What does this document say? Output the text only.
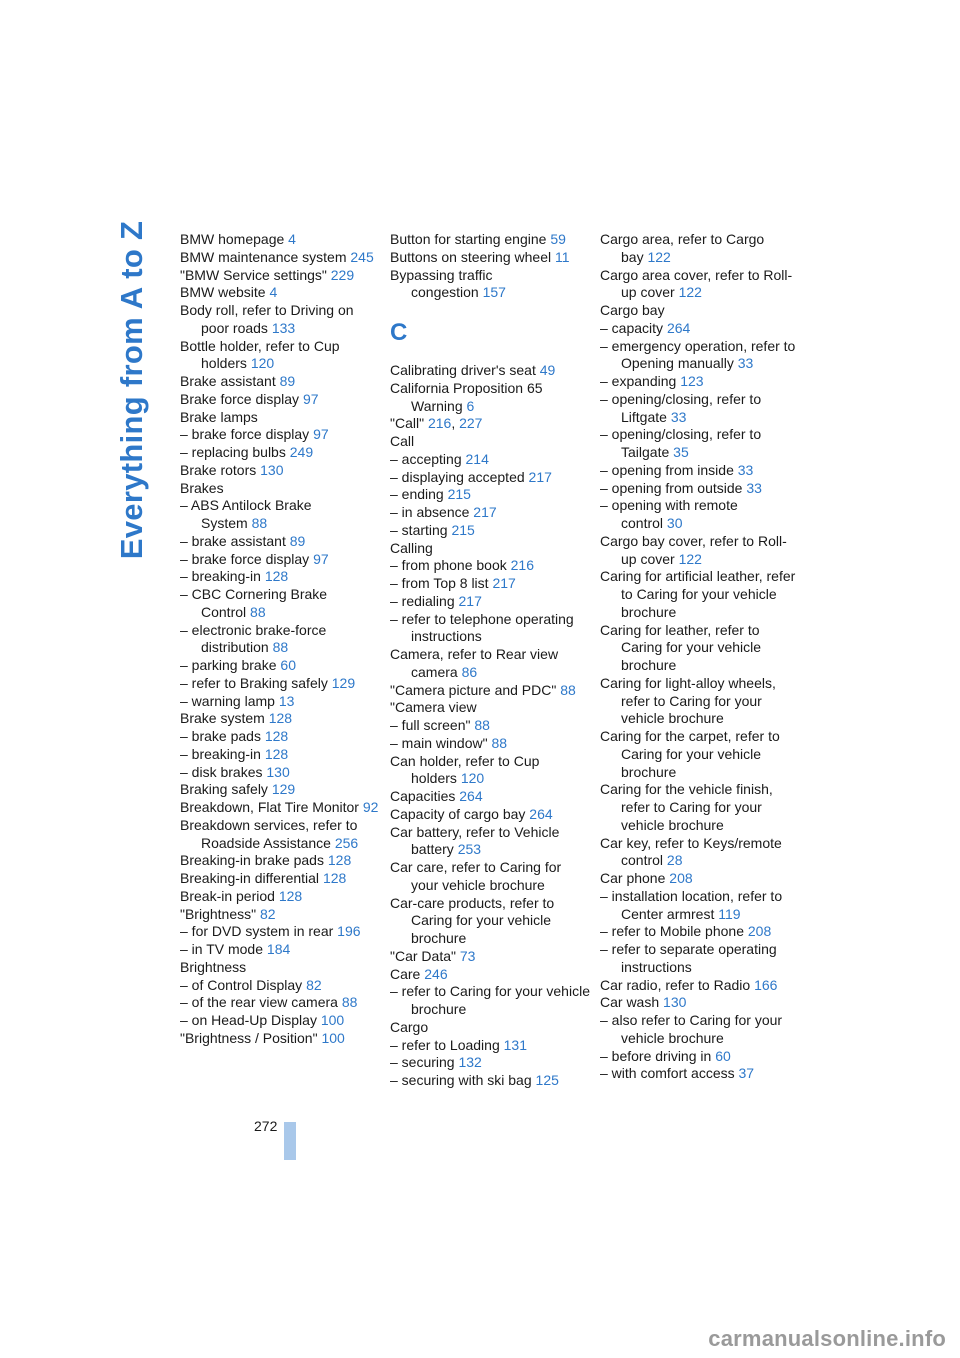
Everything from A to Z BMW homepage 4
BMW maintenance system 245
"BMW Service settings" 229
BMW website 4
Body roll, refer to Driving on poor roads 133
Bottle holder, refer to Cup holders 120
Brake assistant 89
Brake force display 97
Brake lamps
– brake force display 97
– replacing bulbs 249
Brake rotors 130
Brakes
– ABS Antilock Brake System 88
– brake assistant 89
– brake force display 97
– breaking-in 128
– CBC Cornering Brake Control 88
– electronic brake-force distribution 88
– parking brake 60
– refer to Braking safely 129
– warning lamp 13
Brake system 128
– brake pads 128
– breaking-in 128
– disk brakes 130
Braking safely 129
Breakdown, Flat Tire Monitor 92
Breakdown services, refer to Roadside Assistance 256
Breaking-in brake pads 128
Breaking-in differential 128
Break-in period 128
"Brightness" 82
– for DVD system in rear 196
– in TV mode 184
Brightness
– of Control Display 82
– of the rear view camera 88
– on Head-Up Display 100
"Brightness / Position" 100
Button for starting engine 59
Buttons on steering wheel 11
Bypassing traffic congestion 157
C
Calibrating driver's seat 49
California Proposition 65 Warning 6
"Call" 216, 227
Call
– accepting 214
– displaying accepted 217
– ending 215
– in absence 217
– starting 215
Calling
– from phone book 216
– from Top 8 list 217
– redialing 217
– refer to telephone operating instructions
Camera, refer to Rear view camera 86
"Camera picture and PDC" 88
"Camera view
– full screen" 88
– main window" 88
Can holder, refer to Cup holders 120
Capacities 264
Capacity of cargo bay 264
Car battery, refer to Vehicle battery 253
Car care, refer to Caring for your vehicle brochure
Car-care products, refer to Caring for your vehicle brochure
"Car Data" 73
Care 246
– refer to Caring for your vehicle brochure
Cargo
– refer to Loading 131
– securing 132
– securing with ski bag 125
Cargo area, refer to Cargo bay 122
Cargo area cover, refer to Roll-up cover 122
Cargo bay
– capacity 264
– emergency operation, refer to Opening manually 33
– expanding 123
– opening/closing, refer to Liftgate 33
– opening/closing, refer to Tailgate 35
– opening from inside 33
– opening from outside 33
– opening with remote control 30
Cargo bay cover, refer to Roll-up cover 122
Caring for artificial leather, refer to Caring for your vehicle brochure
Caring for leather, refer to Caring for your vehicle brochure
Caring for light-alloy wheels, refer to Caring for your vehicle brochure
Caring for the carpet, refer to Caring for your vehicle brochure
Caring for the vehicle finish, refer to Caring for your vehicle brochure
Car key, refer to Keys/remote control 28
Car phone 208
– installation location, refer to Center armrest 119
– refer to Mobile phone 208
– refer to separate operating instructions
Car radio, refer to Radio 166
Car wash 130
– also refer to Caring for your vehicle brochure
– before driving in 60
– with comfort access 37
272
carmanualsonline.info
